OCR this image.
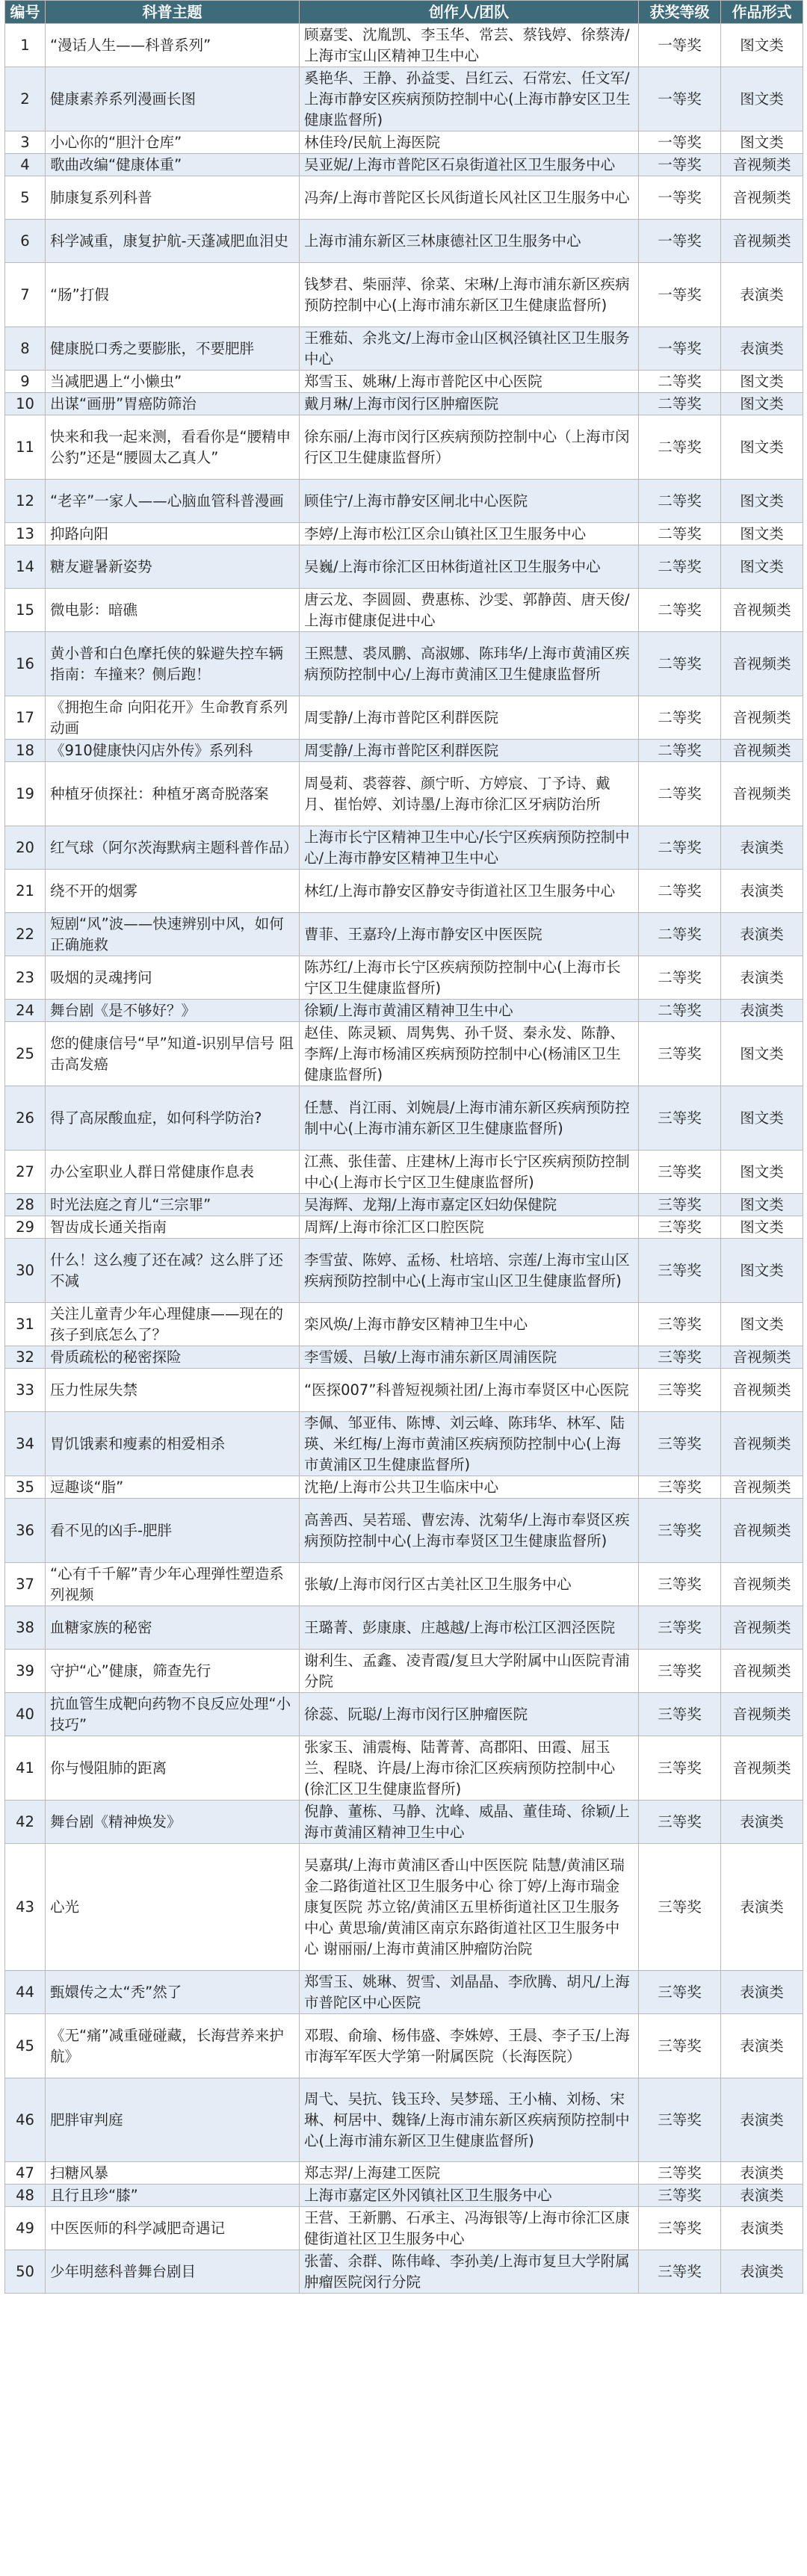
编号	科普主题	创作人/团队	获奖等级	作品形式
1	“漫话人生——科普系列”	顾嘉雯、沈胤凯、李玉华、常芸、蔡钱婷、徐蔡涛/上海市宝山区精神卫生中心	一等奖	图文类
2	健康素养系列漫画长图	奚艳华、王静、孙益雯、吕红云、石常宏、任文军/上海市静安区疾病预防控制中心(上海市静安区卫生健康监督所)	一等奖	图文类
3	小心你的“胆汁仓库”	林佳玲/民航上海医院	一等奖	图文类
4	歌曲改编“健康体重”	吴亚妮/上海市普陀区石泉街道社区卫生服务中心	一等奖	音视频类
5	肺康复系列科普	冯奔/上海市普陀区长风街道长风社区卫生服务中心	一等奖	音视频类
6	科学减重，康复护航-天蓬减肥血泪史	上海市浦东新区三林康德社区卫生服务中心	一等奖	音视频类
7	“肠”打假	钱梦君、柴丽萍、徐菜、宋琳/上海市浦东新区疾病预防控制中心(上海市浦东新区卫生健康监督所)	一等奖	表演类
8	健康脱口秀之要膨胀，不要肥胖	王雅茹、余兆文/上海市金山区枫泾镇社区卫生服务中心	一等奖	表演类
9	当减肥遇上“小懒虫”	郑雪玉、姚琳/上海市普陀区中心医院	二等奖	图文类
10	出谋“画册”胃癌防筛治	戴月琳/上海市闵行区肿瘤医院	二等奖	图文类
11	快来和我一起来测，看看你是“腰精申公豹”还是“腰圆太乙真人”	徐东丽/上海市闵行区疾病预防控制中心（上海市闵行区卫生健康监督所）	二等奖	图文类
12	“老辛”一家人——心脑血管科普漫画	顾佳宁/上海市静安区闸北中心医院	二等奖	图文类
13	抑路向阳	李婷/上海市松江区佘山镇社区卫生服务中心	二等奖	图文类
14	糖友避暑新姿势	吴巍/上海市徐汇区田林街道社区卫生服务中心	二等奖	图文类
15	微电影：暗礁	唐云龙、李圆圆、费惠栋、沙雯、郭静茵、唐天俊/上海市健康促进中心	二等奖	音视频类
16	黄小普和白色摩托侠的躲避失控车辆指南：车撞来？侧后跑！	王熙慧、裘凤鹏、高淑娜、陈玮华/上海市黄浦区疾病预防控制中心/上海市黄浦区卫生健康监督所	二等奖	音视频类
17	《拥抱生命 向阳花开》生命教育系列动画	周雯静/上海市普陀区利群医院	二等奖	音视频类
18	《910健康快闪店外传》系列科	周雯静/上海市普陀区利群医院	二等奖	音视频类
19	种植牙侦探社：种植牙离奇脱落案	周曼莉、裘蓉蓉、颜宁昕、方婷宸、丁予诗、戴月、崔怡婷、刘诗墨/上海市徐汇区牙病防治所	二等奖	音视频类
20	红气球（阿尔茨海默病主题科普作品）	上海市长宁区精神卫生中心/长宁区疾病预防控制中心/上海市静安区精神卫生中心	二等奖	表演类
21	绕不开的烟雾	林红/上海市静安区静安寺街道社区卫生服务中心	二等奖	表演类
22	短剧“风”波——快速辨别中风，如何正确施救	曹菲、王嘉玲/上海市静安区中医医院	二等奖	表演类
23	吸烟的灵魂拷问	陈苏红/上海市长宁区疾病预防控制中心(上海市长宁区卫生健康监督所)	二等奖	表演类
24	舞台剧《是不够好？》	徐颖/上海市黄浦区精神卫生中心	二等奖	表演类
25	您的健康信号“早”知道-识别早信号 阻击高发癌	赵佳、陈灵颖、周隽隽、孙千贤、秦永发、陈静、李辉/上海市杨浦区疾病预防控制中心(杨浦区卫生健康监督所)	三等奖	图文类
26	得了高尿酸血症，如何科学防治?	任慧、肖江雨、刘婉晨/上海市浦东新区疾病预防控制中心(上海市浦东新区卫生健康监督所)	三等奖	图文类
27	办公室职业人群日常健康作息表	江燕、张佳蕾、庄建林/上海市长宁区疾病预防控制中心(上海市长宁区卫生健康监督所)	三等奖	图文类
28	时光法庭之育儿“三宗罪”	吴海辉、龙翔/上海市嘉定区妇幼保健院	三等奖	图文类
29	智齿成长通关指南	周辉/上海市徐汇区口腔医院	三等奖	图文类
30	什么！这么瘦了还在减？这么胖了还不减	李雪萤、陈婷、孟杨、杜培培、宗莲/上海市宝山区疾病预防控制中心(上海市宝山区卫生健康监督所)	三等奖	图文类
31	关注儿童青少年心理健康——现在的孩子到底怎么了？	栾风焕/上海市静安区精神卫生中心	三等奖	图文类
32	骨质疏松的秘密探险	李雪媛、吕敏/上海市浦东新区周浦医院	三等奖	音视频类
33	压力性尿失禁	“医探007”科普短视频社团/上海市奉贤区中心医院	三等奖	音视频类
34	胃饥饿素和瘦素的相爱相杀	李佩、邹亚伟、陈博、刘云峰、陈玮华、林军、陆瑛、米红梅/上海市黄浦区疾病预防控制中心(上海市黄浦区卫生健康监督所)	三等奖	音视频类
35	逗趣谈“脂”	沈艳/上海市公共卫生临床中心	三等奖	音视频类
36	看不见的凶手-肥胖	高善西、吴若瑶、曹宏涛、沈菊华/上海市奉贤区疾病预防控制中心(上海市奉贤区卫生健康监督所)	三等奖	音视频类
37	“心有千千解”青少年心理弹性塑造系列视频	张敏/上海市闵行区古美社区卫生服务中心	三等奖	音视频类
38	血糖家族的秘密	王璐菁、彭康康、庄越越/上海市松江区泗泾医院	三等奖	音视频类
39	守护“心”健康，筛查先行	谢利生、孟鑫、凌青霞/复旦大学附属中山医院青浦分院	三等奖	音视频类
40	抗血管生成靶向药物不良反应处理“小技巧”	徐蕊、阮聪/上海市闵行区肿瘤医院	三等奖	音视频类
41	你与慢阻肺的距离	张家玉、浦震梅、陆菁菁、高郡阳、田霞、屈玉兰、程晓、许晨/上海市徐汇区疾病预防控制中心(徐汇区卫生健康监督所)	三等奖	音视频类
42	舞台剧《精神焕发》	倪静、董栋、马静、沈峰、威晶、董佳琦、徐颖/上海市黄浦区精神卫生中心	三等奖	表演类
43	心光	吴嘉琪/上海市黄浦区香山中医医院 陆慧/黄浦区瑞金二路街道社区卫生服务中心 徐丁婷/上海市瑞金康复医院 苏立铭/黄浦区五里桥街道社区卫生服务中心 黄思瑜/黄浦区南京东路街道社区卫生服务中心 谢丽丽/上海市黄浦区肿瘤防治院	三等奖	表演类
44	甄嬛传之太“秃”然了	郑雪玉、姚琳、贺雪、刘晶晶、李欣腾、胡凡/上海市普陀区中心医院	三等奖	表演类
45	《无“痛”减重碰碰藏，长海营养来护航》	邓瑕、俞瑜、杨伟盛、李姝婷、王晨、李子玉/上海市海军军医大学第一附属医院（长海医院）	三等奖	表演类
46	肥胖审判庭	周弋、吴抗、钱玉玲、吴梦瑶、王小楠、刘杨、宋琳、柯居中、魏锋/上海市浦东新区疾病预防控制中心(上海市浦东新区卫生健康监督所)	三等奖	表演类
47	扫糖风暴	郑志羿/上海建工医院	三等奖	表演类
48	且行且珍“膝”	上海市嘉定区外冈镇社区卫生服务中心	三等奖	表演类
49	中医医师的科学减肥奇遇记	王营、王新鹏、石承主、冯海银等/上海市徐汇区康健街道社区卫生服务中心	三等奖	表演类
50	少年明慈科普舞台剧目	张蕾、余群、陈伟峰、李孙美/上海市复旦大学附属肿瘤医院闵行分院	三等奖	表演类
